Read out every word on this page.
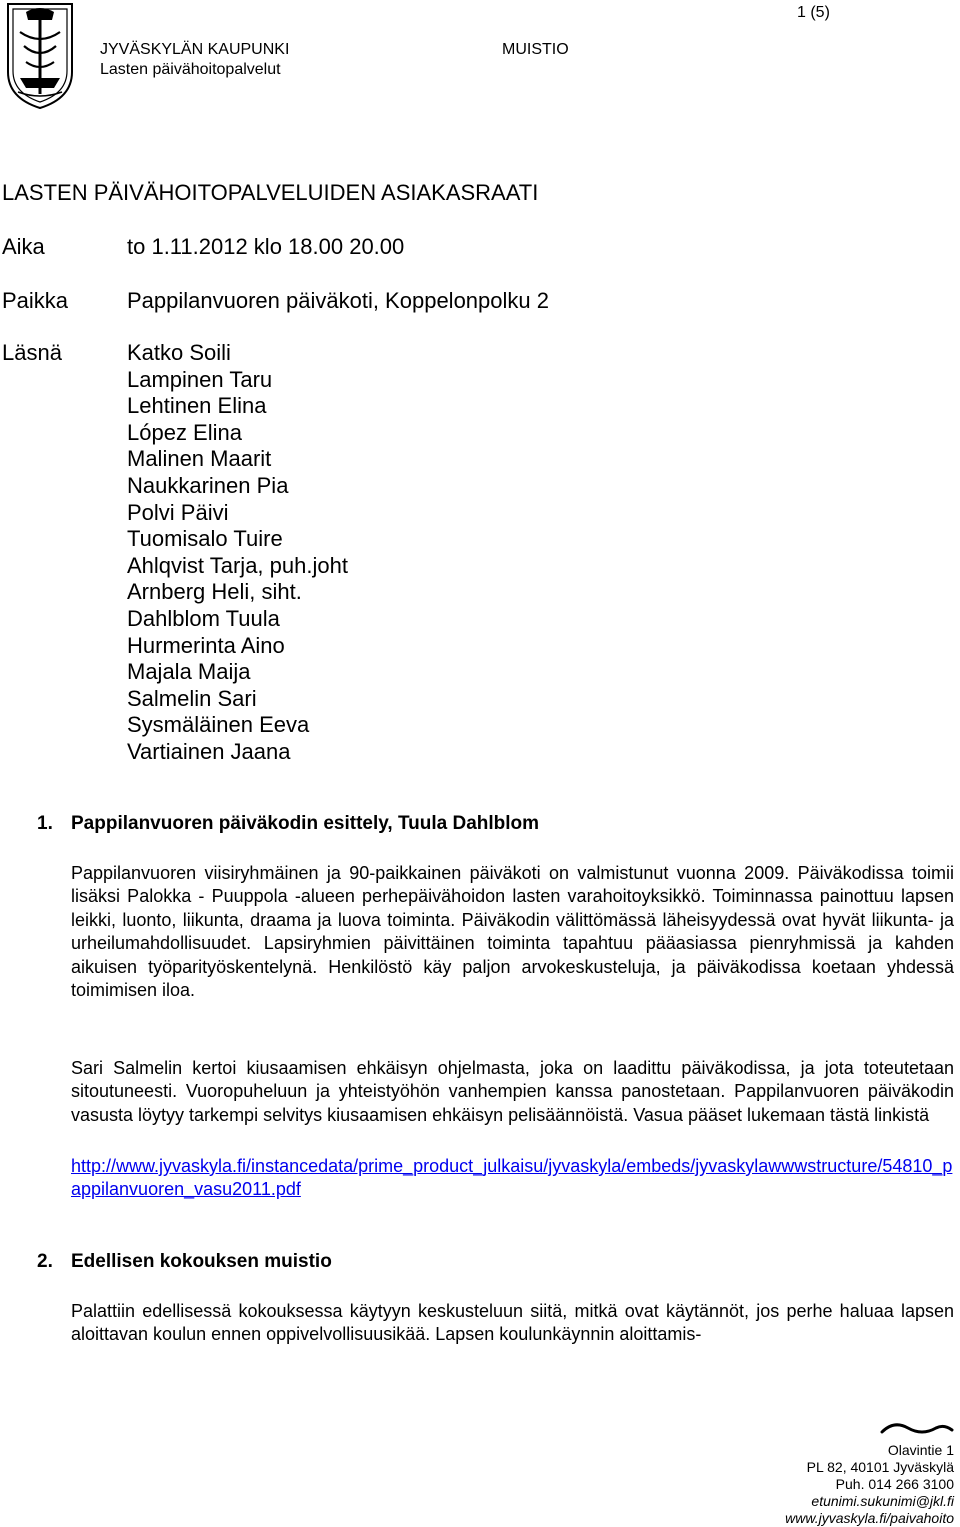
JYVÄSKYLÄN KAUPUNKI
Lasten päivähoitopalvelut
MUISTIO
1 (5)
LASTEN PÄIVÄHOITOPALVELUIDEN ASIAKASRAATI
Aika	to 1.11.2012 klo 18.00 20.00
Paikka	Pappilanvuoren päiväkoti, Koppelonpolku 2
Läsnä	Katko Soili
Lampinen Taru
Lehtinen Elina
López Elina
Malinen Maarit
Naukkarinen Pia
Polvi Päivi
Tuomisalo Tuire
Ahlqvist Tarja, puh.joht
Arnberg Heli, siht.
Dahlblom Tuula
Hurmerinta Aino
Majala Maija
Salmelin Sari
Sysmäläinen Eeva
Vartiainen Jaana
1. Pappilanvuoren päiväkodin esittely, Tuula Dahlblom

Pappilanvuoren viisiryhmäinen ja 90-paikkainen päiväkoti on valmistunut vuonna 2009. Päiväkodissa toimii lisäksi Palokka - Puuppola -alueen perhepäivähoidon lasten varahoitoyksikkö. Toiminnassa painottuu lapsen leikki, luonto, liikunta, draama ja luova toiminta. Päiväkodin välittömässä läheisyydessä ovat hyvät liikunta- ja urheilumahdollisuudet. Lapsiryhmien päivittäinen toiminta tapahtuu pääasiassa pienryhmissä ja kahden aikuisen työparityöskentelynä. Henkilöstö käy paljon arvokeskusteluja, ja päiväkodissa koetaan yhdessä toimimisen iloa.

Sari Salmelin kertoi kiusaamisen ehkäisyn ohjelmasta, joka on laadittu päiväkodissa, ja jota toteutetaan sitoutuneesti. Vuoropuheluun ja yhteistyöhön vanhempien kanssa panostetaan. Pappilanvuoren päiväkodin vasusta löytyy tarkempi selvitys kiusaamisen ehkäisyn pelisäännöistä. Vasua pääset lukemaan tästä linkistä

http://www.jyvaskyla.fi/instancedata/prime_product_julkaisu/jyvaskyla/embeds/jyvaskylawwwstructure/54810_pappilanvuoren_vasu2011.pdf
2. Edellisen kokouksen muistio

Palattiin edellisessä kokouksessa käytyyn keskusteluun siitä, mitkä ovat käytännöt, jos perhe haluaa lapsen aloittavan koulun ennen oppivelvollisuusikää. Lapsen koulunkäynnin aloittamis-

Olavintie 1
PL 82, 40101 Jyväskylä
Puh. 014 266 3100
etunimi.sukunimi@jkl.fi
www.jyvaskyla.fi/paivahoito
